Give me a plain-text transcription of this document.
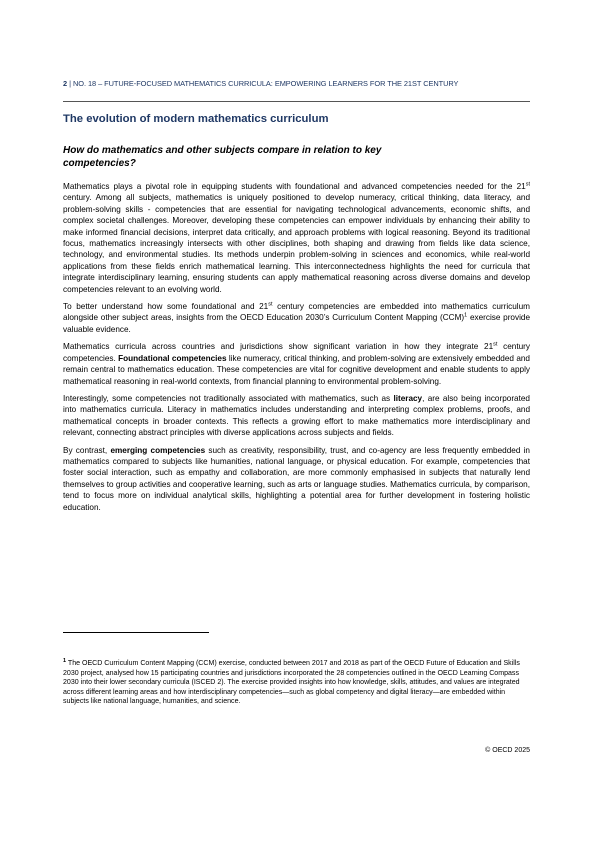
2 | NO. 18 – FUTURE-FOCUSED MATHEMATICS CURRICULA: EMPOWERING LEARNERS FOR THE 21ST CENTURY
The evolution of modern mathematics curriculum
How do mathematics and other subjects compare in relation to key competencies?

Mathematics plays a pivotal role in equipping students with foundational and advanced competencies needed for the 21st century. Among all subjects, mathematics is uniquely positioned to develop numeracy, critical thinking, data literacy, and problem-solving skills - competencies that are essential for navigating technological advancements, economic shifts, and complex societal challenges. Moreover, developing these competencies can empower individuals by enhancing their ability to make informed financial decisions, interpret data critically, and approach problems with logical reasoning. Beyond its traditional focus, mathematics increasingly intersects with other disciplines, both shaping and drawing from fields like data science, technology, and environmental studies. Its methods underpin problem-solving in sciences and economics, while real-world applications from these fields enrich mathematical learning. This interconnectedness highlights the need for curricula that integrate interdisciplinary learning, ensuring students can apply mathematical reasoning across diverse domains and develop competencies relevant to an evolving world.

To better understand how some foundational and 21st century competencies are embedded into mathematics curriculum alongside other subject areas, insights from the OECD Education 2030’s Curriculum Content Mapping (CCM)$^1$ exercise provide valuable evidence.

Mathematics curricula across countries and jurisdictions show significant variation in how they integrate 21st century competencies. Foundational competencies like numeracy, critical thinking, and problem-solving are extensively embedded and remain central to mathematics education. These competencies are vital for cognitive development and enable students to apply mathematical reasoning in real-world contexts, from financial planning to environmental problem-solving.

Interestingly, some competencies not traditionally associated with mathematics, such as literacy, are also being incorporated into mathematics curricula. Literacy in mathematics includes understanding and interpreting complex problems, proofs, and mathematical concepts in broader contexts. This reflects a growing effort to make mathematics more interdisciplinary and relevant, connecting abstract principles with diverse applications across subjects and fields.

By contrast, emerging competencies such as creativity, responsibility, trust, and co-agency are less frequently embedded in mathematics compared to subjects like humanities, national language, or physical education. For example, competencies that foster social interaction, such as empathy and collaboration, are more commonly emphasised in subjects that naturally lend themselves to group activities and cooperative learning, such as arts or language studies. Mathematics curricula, by comparison, tend to focus more on individual analytical skills, highlighting a potential area for further development in fostering holistic education.

$^1$ The OECD Curriculum Content Mapping (CCM) exercise, conducted between 2017 and 2018 as part of the OECD Future of Education and Skills 2030 project, analysed how 15 participating countries and jurisdictions incorporated the 28 competencies outlined in the OECD Learning Compass 2030 into their lower secondary curricula (ISCED 2). The exercise provided insights into how knowledge, skills, attitudes, and values are integrated across different learning areas and how interdisciplinary competencies—such as global competency and digital literacy—are embedded within subjects like national language, humanities, and science.

© OECD 2025
